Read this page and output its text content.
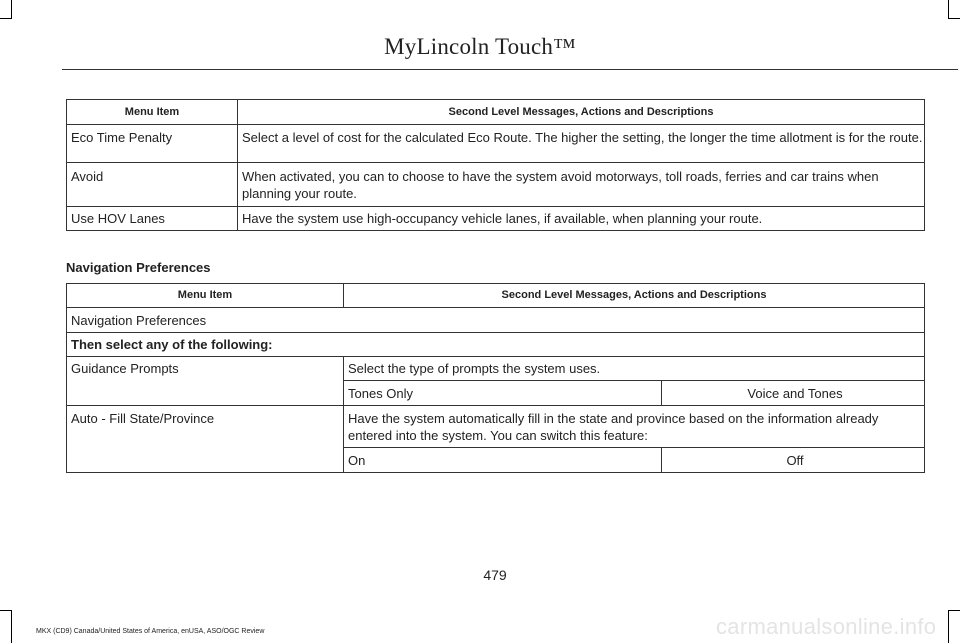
MyLincoln Touch™
Menu Item	Second Level Messages, Actions and Descriptions
Eco Time Penalty	Select a level of cost for the calculated Eco Route. The higher the setting, the longer the time allotment is for the route.
Avoid	When activated, you can to choose to have the system avoid motorways, toll roads, ferries and car trains when planning your route.
Use HOV Lanes	Have the system use high-occupancy vehicle lanes, if available, when planning your route.
Navigation Preferences
Menu Item	Second Level Messages, Actions and Descriptions	
Navigation Preferences		
Then select any of the following:		
Guidance Prompts	Select the type of prompts the system uses.	
	Tones Only	Voice and Tones
Auto - Fill State/Province	Have the system automatically fill in the state and province based on the information already entered into the system. You can switch this feature:	
	On	Off
479
MKX (CD9) Canada/United States of America, enUSA, ASO/OGC Review	carmanualsonline.info
